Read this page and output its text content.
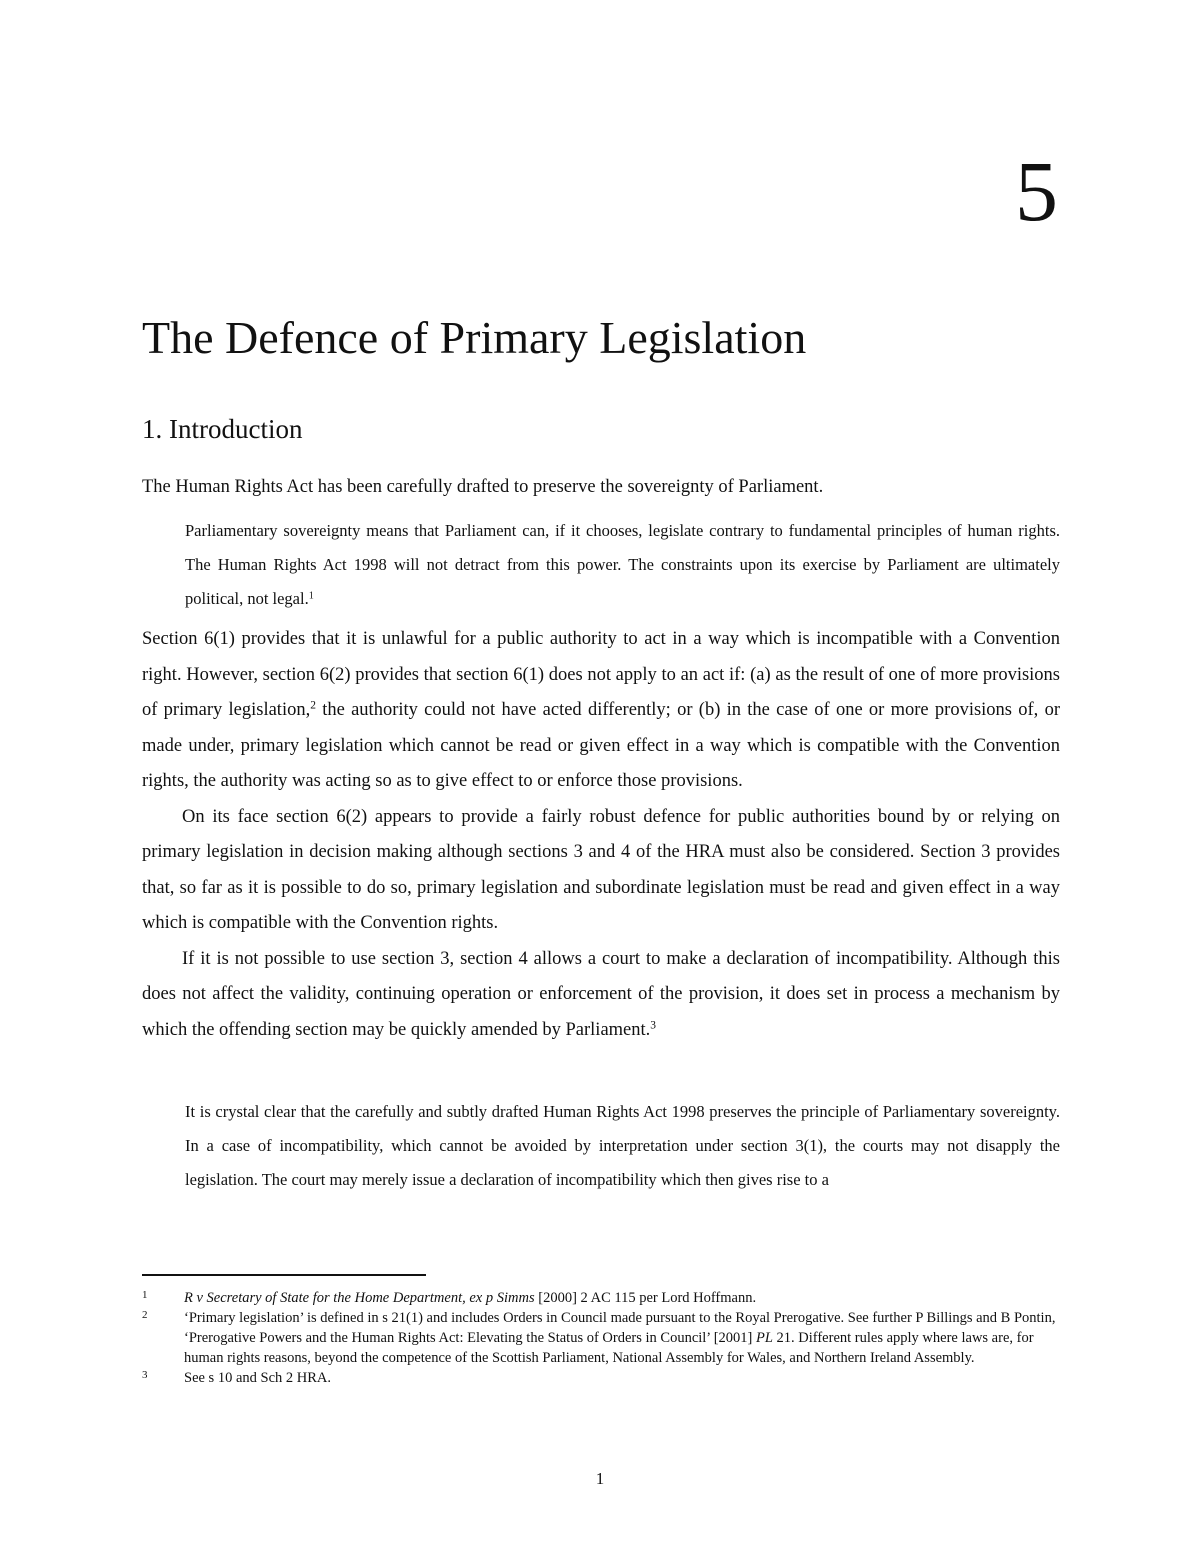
5
The Defence of Primary Legislation
1. Introduction

The Human Rights Act has been carefully drafted to preserve the sovereignty of Parliament.

Parliamentary sovereignty means that Parliament can, if it chooses, legislate contrary to fundamental principles of human rights. The Human Rights Act 1998 will not detract from this power. The constraints upon its exercise by Parliament are ultimately political, not legal.$^1$

Section 6(1) provides that it is unlawful for a public authority to act in a way which is incompatible with a Convention right. However, section 6(2) provides that section 6(1) does not apply to an act if: (a) as the result of one of more provisions of primary legislation,$^2$ the authority could not have acted differently; or (b) in the case of one or more provisions of, or made under, primary legislation which cannot be read or given effect in a way which is compatible with the Convention rights, the authority was acting so as to give effect to or enforce those provisions.

On its face section 6(2) appears to provide a fairly robust defence for public authorities bound by or relying on primary legislation in decision making although sections 3 and 4 of the HRA must also be considered. Section 3 provides that, so far as it is possible to do so, primary legislation and subordinate legislation must be read and given effect in a way which is compatible with the Convention rights.

If it is not possible to use section 3, section 4 allows a court to make a declaration of incompatibility. Although this does not affect the validity, continuing operation or enforcement of the provision, it does set in process a mechanism by which the offending section may be quickly amended by Parliament.$^3$

It is crystal clear that the carefully and subtly drafted Human Rights Act 1998 preserves the principle of Parliamentary sovereignty. In a case of incompatibility, which cannot be avoided by interpretation under section 3(1), the courts may not disapply the legislation. The court may merely issue a declaration of incompatibility which then gives rise to a

1	R v Secretary of State for the Home Department, ex p Simms [2000] 2 AC 115 per Lord Hoffmann.

2	‘Primary legislation’ is defined in s 21(1) and includes Orders in Council made pursuant to the Royal Prerogative. See further P Billings and B Pontin, ‘Prerogative Powers and the Human Rights Act: Elevating the Status of Orders in Council’ [2001] PL 21. Different rules apply where laws are, for human rights reasons, beyond the competence of the Scottish Parliament, National Assembly for Wales, and Northern Ireland Assembly.

3	See s 10 and Sch 2 HRA.

1
